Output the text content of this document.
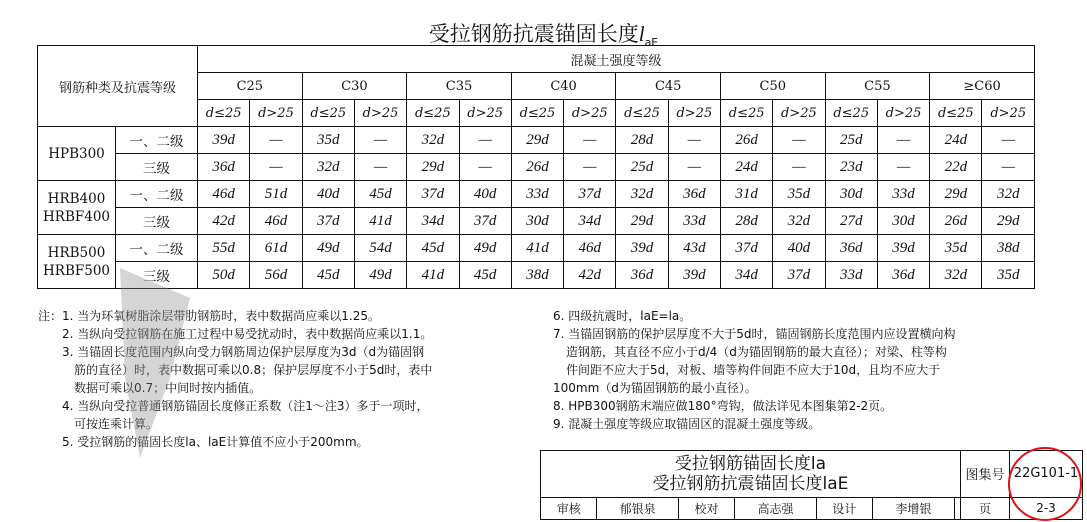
受拉钢筋抗震锚固长度$l_{aE}$
钢筋种类及抗震等级		混凝土强度等级															
		C25		C30		C35		C40		C45		C50		C55		≥C60	
		d≤25	d>25	d≤25	d>25	d≤25	d>25	d≤25	d>25	d≤25	d>25	d≤25	d>25	d≤25	d>25	d≤25	d>25
HPB300	一、二级	39d	—	35d	—	32d	—	29d	—	28d	—	26d	—	25d	—	24d	—
	三级	36d	—	32d	—	29d	—	26d	—	25d	—	24d	—	23d	—	22d	—
HRB400
HRBF400	一、二级	46d	51d	40d	45d	37d	40d	33d	37d	32d	36d	31d	35d	30d	33d	29d	32d
	三级	42d	46d	37d	41d	34d	37d	30d	34d	29d	33d	28d	32d	27d	30d	26d	29d
HRB500
HRBF500	一、二级	55d	61d	49d	54d	45d	49d	41d	46d	39d	43d	37d	40d	36d	39d	35d	38d
	三级	50d	56d	45d	49d	41d	45d	38d	42d	36d	39d	34d	37d	33d	36d	32d	35d
注：1. 当为环氧树脂涂层带肋钢筋时，表中数据尚应乘以1.25。
2. 当纵向受拉钢筋在施工过程中易受扰动时，表中数据尚应乘以1.1。
3. 当锚固长度范围内纵向受力钢筋周边保护层厚度为3d（d为锚固钢
筋的直径）时，表中数据可乘以0.8；保护层厚度不小于5d时，表中
数据可乘以0.7；中间时按内插值。
4. 当纵向受拉普通钢筋锚固长度修正系数（注1～注3）多于一项时，
可按连乘计算。
5. 受拉钢筋的锚固长度la、laE计算值不应小于200mm。
6. 四级抗震时，laE=la。
7. 当锚固钢筋的保护层厚度不大于5d时，锚固钢筋长度范围内应设置横向构
造钢筋，其直径不应小于d/4（d为锚固钢筋的最大直径）；对梁、柱等构
件间距不应大于5d，对板、墙等构件间距不应大于10d，且均不应大于
100mm（d为锚固钢筋的最小直径）。
8. HPB300钢筋末端应做180°弯钩，做法详见本图集第2-2页。
9. 混凝土强度等级应取锚固区的混凝土强度等级。
受拉钢筋锚固长度la
受拉钢筋抗震锚固长度laE							图集号	22G101-1
审核	郁银泉	校对	高志强	设计	李增银		页	2-3
